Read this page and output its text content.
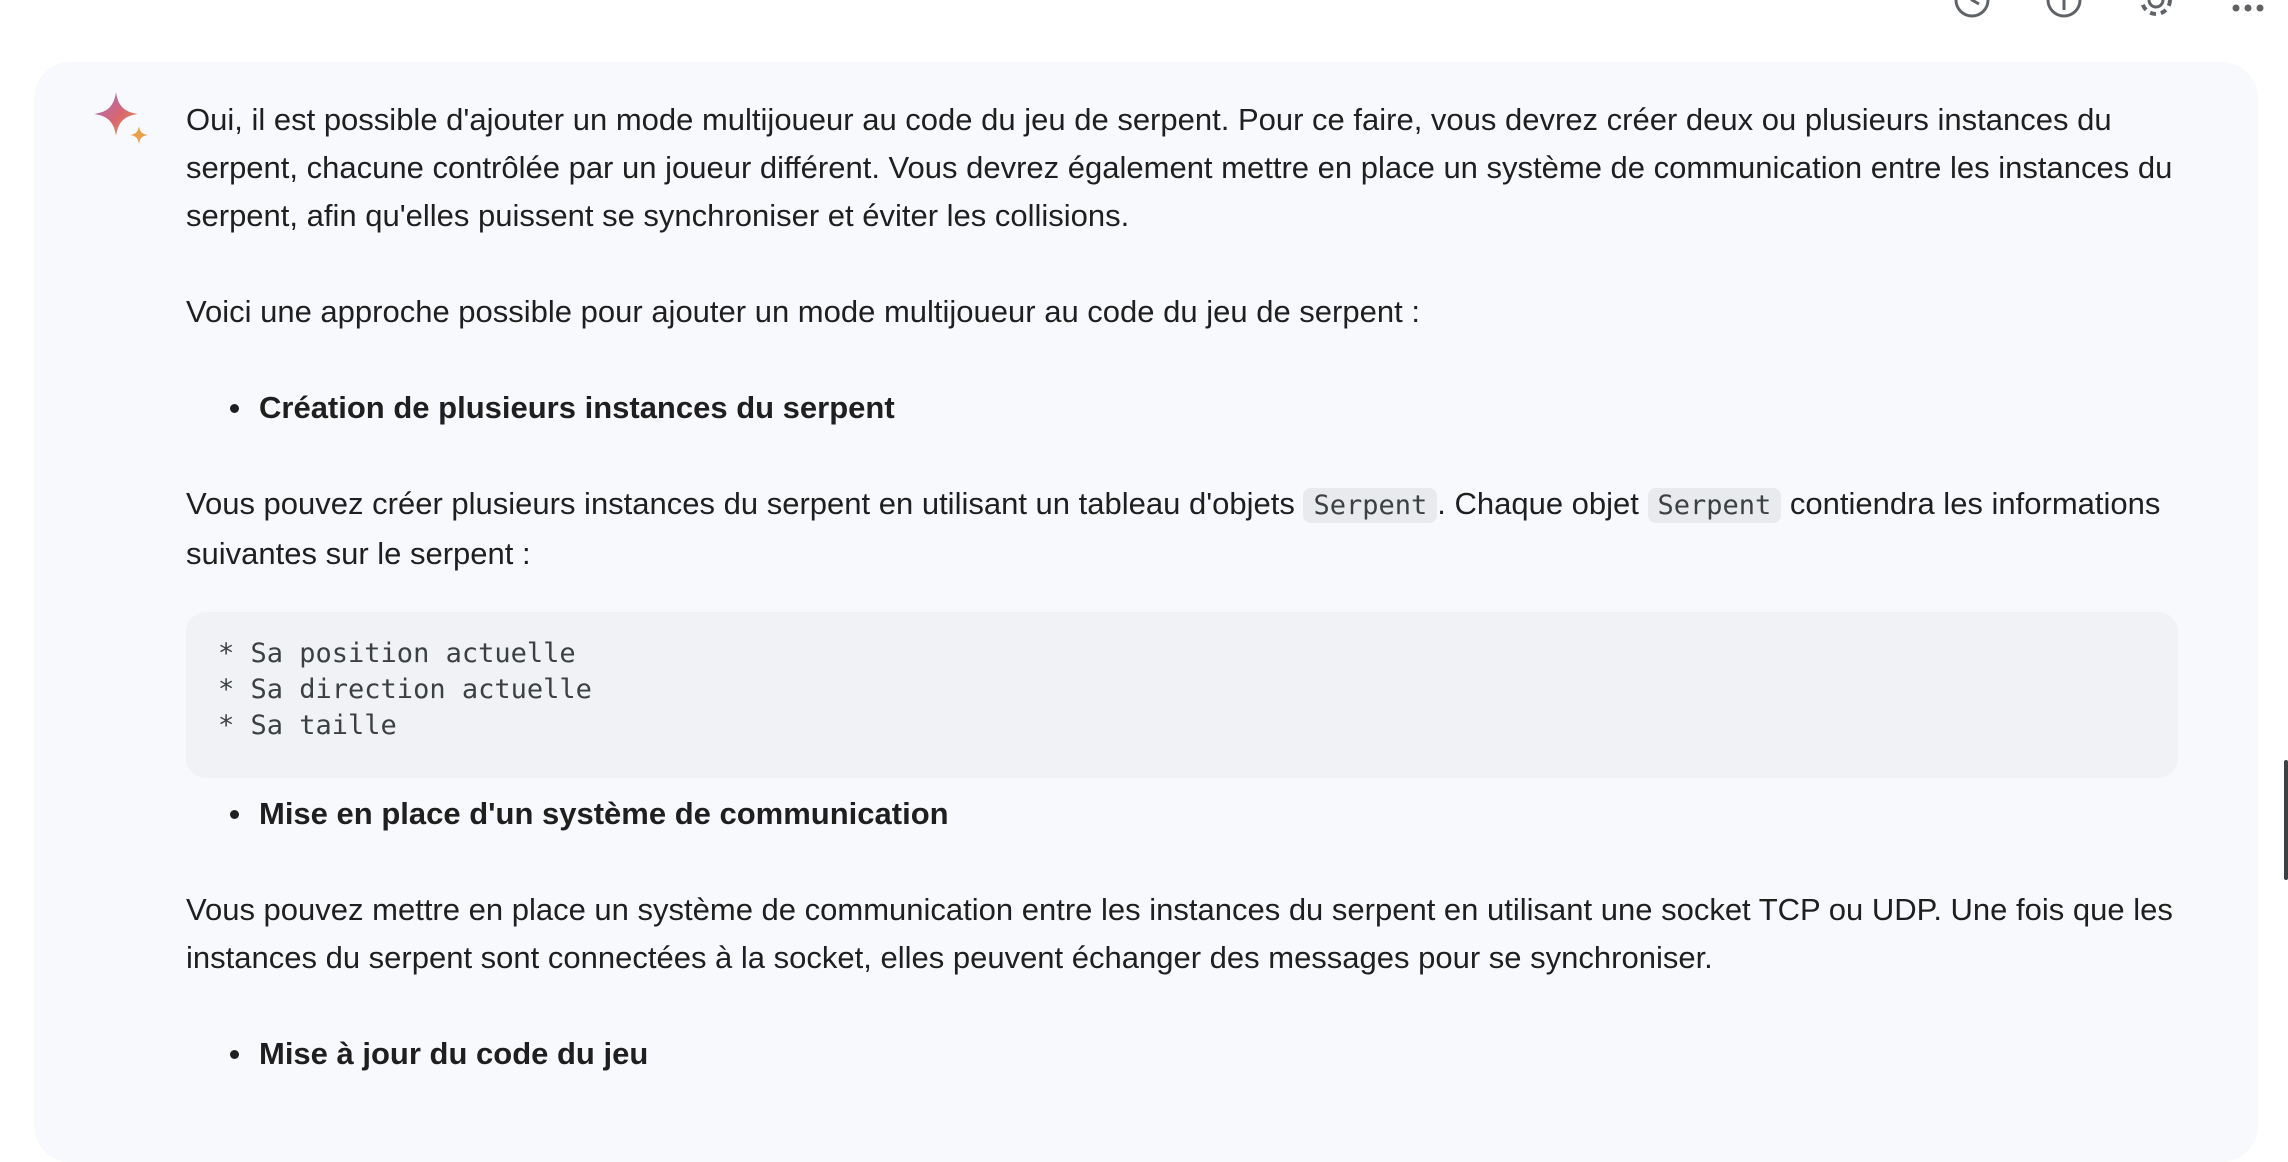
Oui, il est possible d'ajouter un mode multijoueur au code du jeu de serpent. Pour ce faire, vous devrez créer deux ou plusieurs instances du serpent, chacune contrôlée par un joueur différent. Vous devrez également mettre en place un système de communication entre les instances du serpent, afin qu'elles puissent se synchroniser et éviter les collisions.

Voici une approche possible pour ajouter un mode multijoueur au code du jeu de serpent :

Création de plusieurs instances du serpent

Vous pouvez créer plusieurs instances du serpent en utilisant un tableau d'objets Serpent . Chaque objet Serpent contiendra les informations suivantes sur le serpent :

* Sa position actuelle
* Sa direction actuelle
* Sa taille
Mise en place d'un système de communication

Vous pouvez mettre en place un système de communication entre les instances du serpent en utilisant une socket TCP ou UDP. Une fois que les instances du serpent sont connectées à la socket, elles peuvent échanger des messages pour se synchroniser.

Mise à jour du code du jeu
